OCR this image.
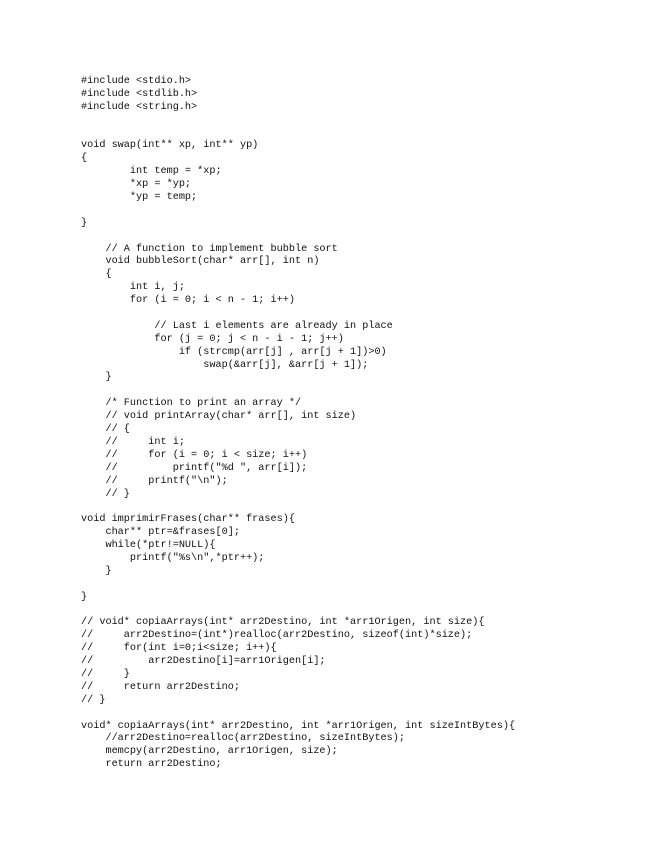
#include <stdio.h>
#include <stdlib.h>
#include <string.h>
void swap(int** xp, int** yp)
{
int temp = *xp;
*xp = *yp;
*yp = temp;
}
// A function to implement bubble sort
void bubbleSort(char* arr[], int n)
{
int i, j;
for (i = 0; i < n - 1; i++)
// Last i elements are already in place
for (j = 0; j < n - i - 1; j++)
if (strcmp(arr[j] , arr[j + 1])>0)
swap(&arr[j], &arr[j + 1]);
}
/* Function to print an array */
// void printArray(char* arr[], int size)
// {
//     int i;
//     for (i = 0; i < size; i++)
//         printf("%d ", arr[i]);
//     printf("\n");
// }
void imprimirFrases(char** frases){
char** ptr=&frases[0];
while(*ptr!=NULL){
printf("%s\n",*ptr++);
}
}
// void* copiaArrays(int* arr2Destino, int *arr1Origen, int size){
//     arr2Destino=(int*)realloc(arr2Destino, sizeof(int)*size);
//     for(int i=0;i<size; i++){
//         arr2Destino[i]=arr1Origen[i];
//     }
//     return arr2Destino;
// }
void* copiaArrays(int* arr2Destino, int *arr1Origen, int sizeIntBytes){
//arr2Destino=realloc(arr2Destino, sizeIntBytes);
memcpy(arr2Destino, arr1Origen, size);
return arr2Destino;
